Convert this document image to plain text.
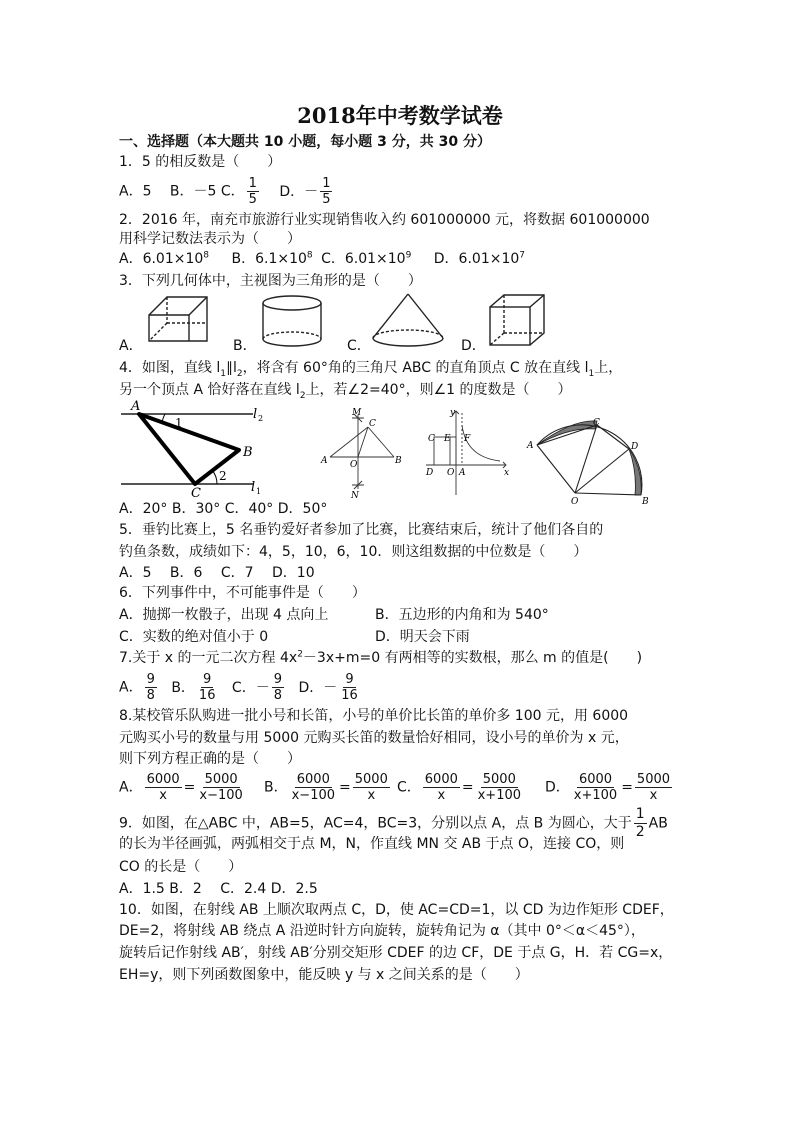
2018年中考数学试卷
一、选择题（本大题共 10 小题，每小题 3 分，共 30 分）
1．5 的相反数是（　　）
A．5　 B．－5 C． $\frac{1}{5}$ D．－ $\frac{1}{5}$
2．2016 年，南充市旅游行业实现销售收入约 601000000 元，将数据 601000000
用科学记数法表示为（　　）
A．$6.01\times 10^8$ B．$6.1\times 10^8$ C．$6.01\times 10^9$ D．$6.01\times 10^7$
3．下列几何体中，主视图为三角形的是（　　）
A．	B．	C．	D．
4．如图，直线 $l_1\parallel l_2$，将含有 60°角的三角尺 ABC 的直角顶点 C 放在直线 $l_1$上，
另一个顶点 A 恰好落在直线 $l_2$上，若∠2=40°，则∠1 的度数是（　　）
A
1
B
2
C
l 2
l 1
M
C
A	O	B
N
y
x
C E F
D O A
A
C
D
O	B
A．20° B．30° C．40° D．50°
5．垂钓比赛上，5 名垂钓爱好者参加了比赛，比赛结束后，统计了他们各自的
钓鱼条数，成绩如下：4，5，10，6，10．则这组数据的中位数是（　　）
A．5　 B．6　 C．7　 D．10
6．下列事件中，不可能事件是（　　）
A．抛掷一枚骰子，出现 4 点向上	B．五边形的内角和为 540°
C．实数的绝对值小于 0	D．明天会下雨
7.关于 x 的一元二次方程 $4x^2-3x+m=0$ 有两相等的实数根，那么 m 的值是(　　)
A． $\frac{9}{8}$ B． $\frac{9}{16}$ C．－ $\frac{9}{8}$ D．－ $\frac{9}{16}$
8.某校管乐队购进一批小号和长笛，小号的单价比长笛的单价多 100 元，用 6000
元购买小号的数量与用 5000 元购买长笛的数量恰好相同，设小号的单价为 x 元，
则下列方程正确的是（　　）
A． $\frac{6000}{x} = \frac{5000}{x-100}$ B． $\frac{6000}{x-100} = \frac{5000}{x}$ C． $\frac{6000}{x} = \frac{5000}{x+100}$ D． $\frac{6000}{x+100} = \frac{5000}{x}$
9．如图，在△ABC 中，AB=5，AC=4，BC=3，分别以点 A，点 B 为圆心，大于 $\frac{1}{2}$ AB
的长为半径画弧，两弧相交于点 M，N，作直线 MN 交 AB 于点 O，连接 CO，则
CO 的长是（　　）
A．1.5 B．2　 C．2.4 D．2.5
10．如图，在射线 AB 上顺次取两点 C，D，使 AC=CD=1，以 CD 为边作矩形 CDEF，
DE=2，将射线 AB 绕点 A 沿逆时针方向旋转，旋转角记为 α（其中 0°＜α＜45°），
旋转后记作射线 AB′，射线 AB′分别交矩形 CDEF 的边 CF，DE 于点 G，H．若 CG=x，
EH=y，则下列函数图象中，能反映 y 与 x 之间关系的是（　　）
